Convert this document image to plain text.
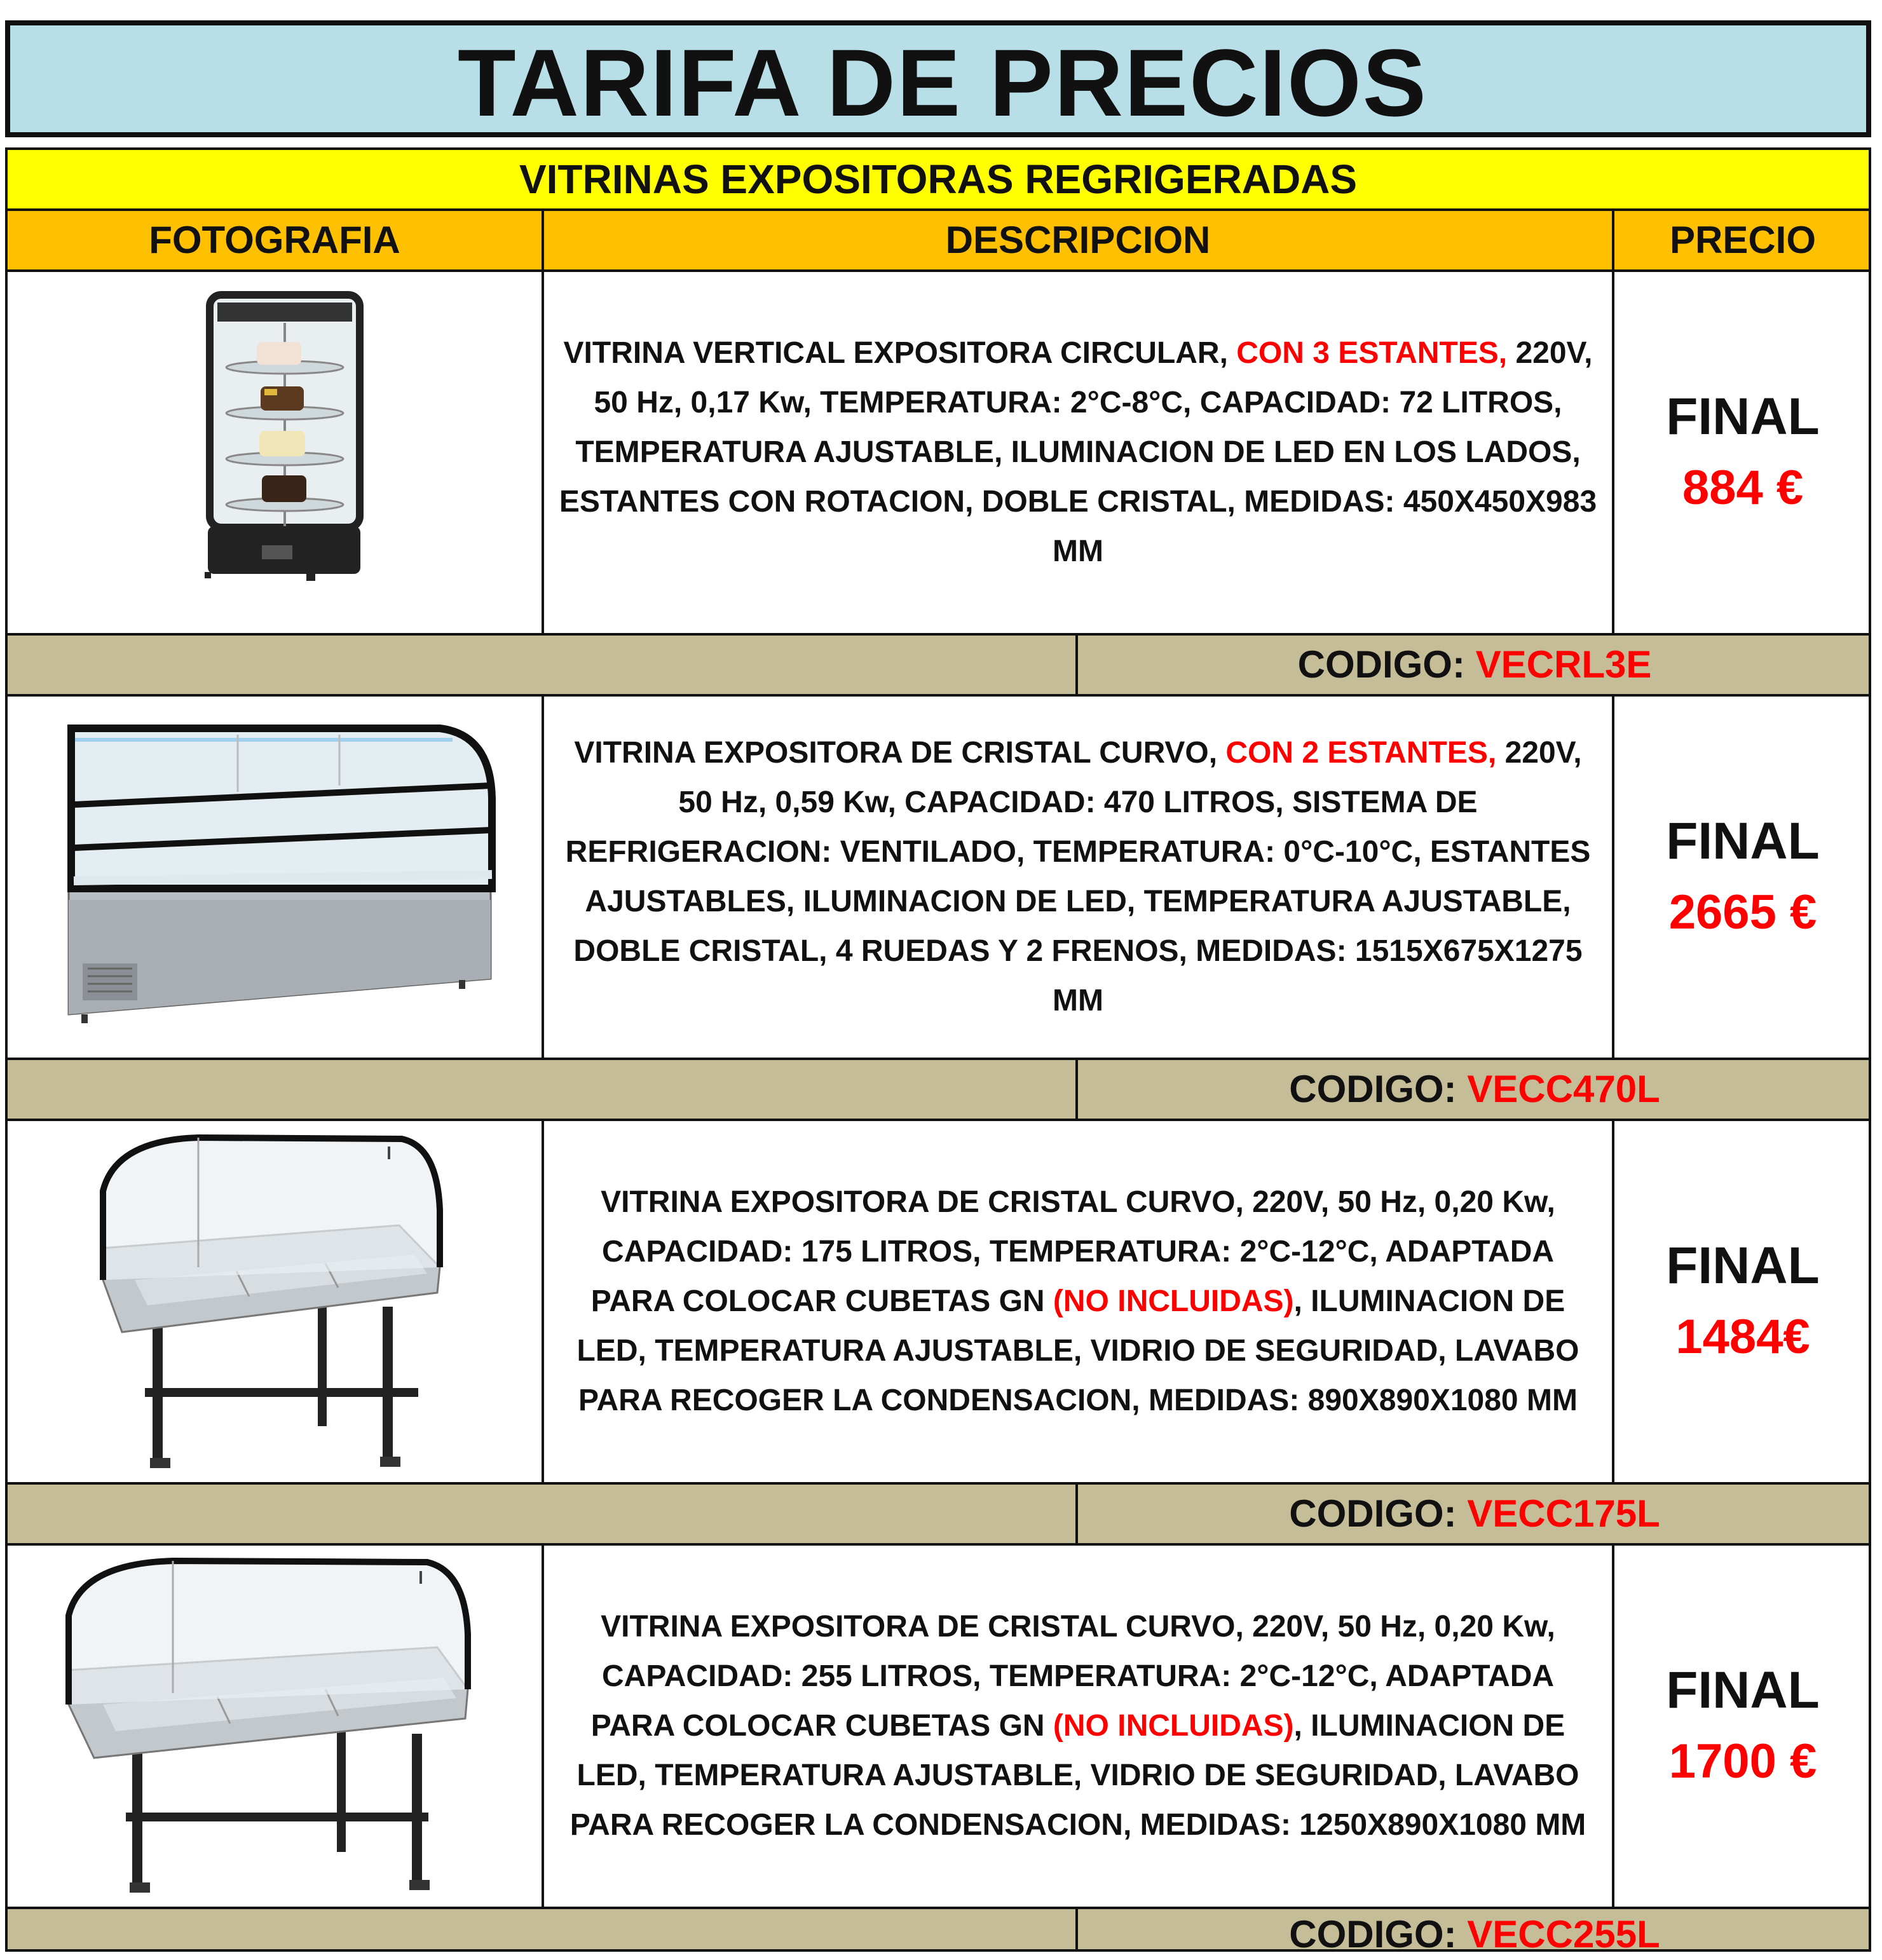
TARIFA DE PRECIOS
VITRINAS EXPOSITORAS REGRIGERADAS
FOTOGRAFIA	DESCRIPCION	PRECIO

VITRINA VERTICAL EXPOSITORA CIRCULAR, CON 3 ESTANTES, 220V, 50 Hz, 0,17 Kw, TEMPERATURA: 2°C-8°C, CAPACIDAD: 72 LITROS, TEMPERATURA AJUSTABLE, ILUMINACION DE LED EN LOS LADOS, ESTANTES CON ROTACION, DOBLE CRISTAL, MEDIDAS: 450X450X983 MM

FINAL
884 €
CODIGO: VECRL3E

VITRINA EXPOSITORA DE CRISTAL CURVO, CON 2 ESTANTES, 220V, 50 Hz, 0,59 Kw, CAPACIDAD: 470 LITROS, SISTEMA DE REFRIGERACION: VENTILADO, TEMPERATURA: 0°C-10°C, ESTANTES AJUSTABLES, ILUMINACION DE LED, TEMPERATURA AJUSTABLE, DOBLE CRISTAL, 4 RUEDAS Y 2 FRENOS, MEDIDAS: 1515X675X1275 MM

FINAL
2665 €
CODIGO: VECC470L

VITRINA EXPOSITORA DE CRISTAL CURVO, 220V, 50 Hz, 0,20 Kw, CAPACIDAD: 175 LITROS, TEMPERATURA: 2°C-12°C, ADAPTADA PARA COLOCAR CUBETAS GN (NO INCLUIDAS), ILUMINACION DE LED, TEMPERATURA AJUSTABLE, VIDRIO DE SEGURIDAD, LAVABO PARA RECOGER LA CONDENSACION, MEDIDAS: 890X890X1080 MM

FINAL
1484€
CODIGO: VECC175L

VITRINA EXPOSITORA DE CRISTAL CURVO, 220V, 50 Hz, 0,20 Kw, CAPACIDAD: 255 LITROS, TEMPERATURA: 2°C-12°C, ADAPTADA PARA COLOCAR CUBETAS GN (NO INCLUIDAS), ILUMINACION DE LED, TEMPERATURA AJUSTABLE, VIDRIO DE SEGURIDAD, LAVABO PARA RECOGER LA CONDENSACION, MEDIDAS: 1250X890X1080 MM

FINAL
1700 €
CODIGO: VECC255L
